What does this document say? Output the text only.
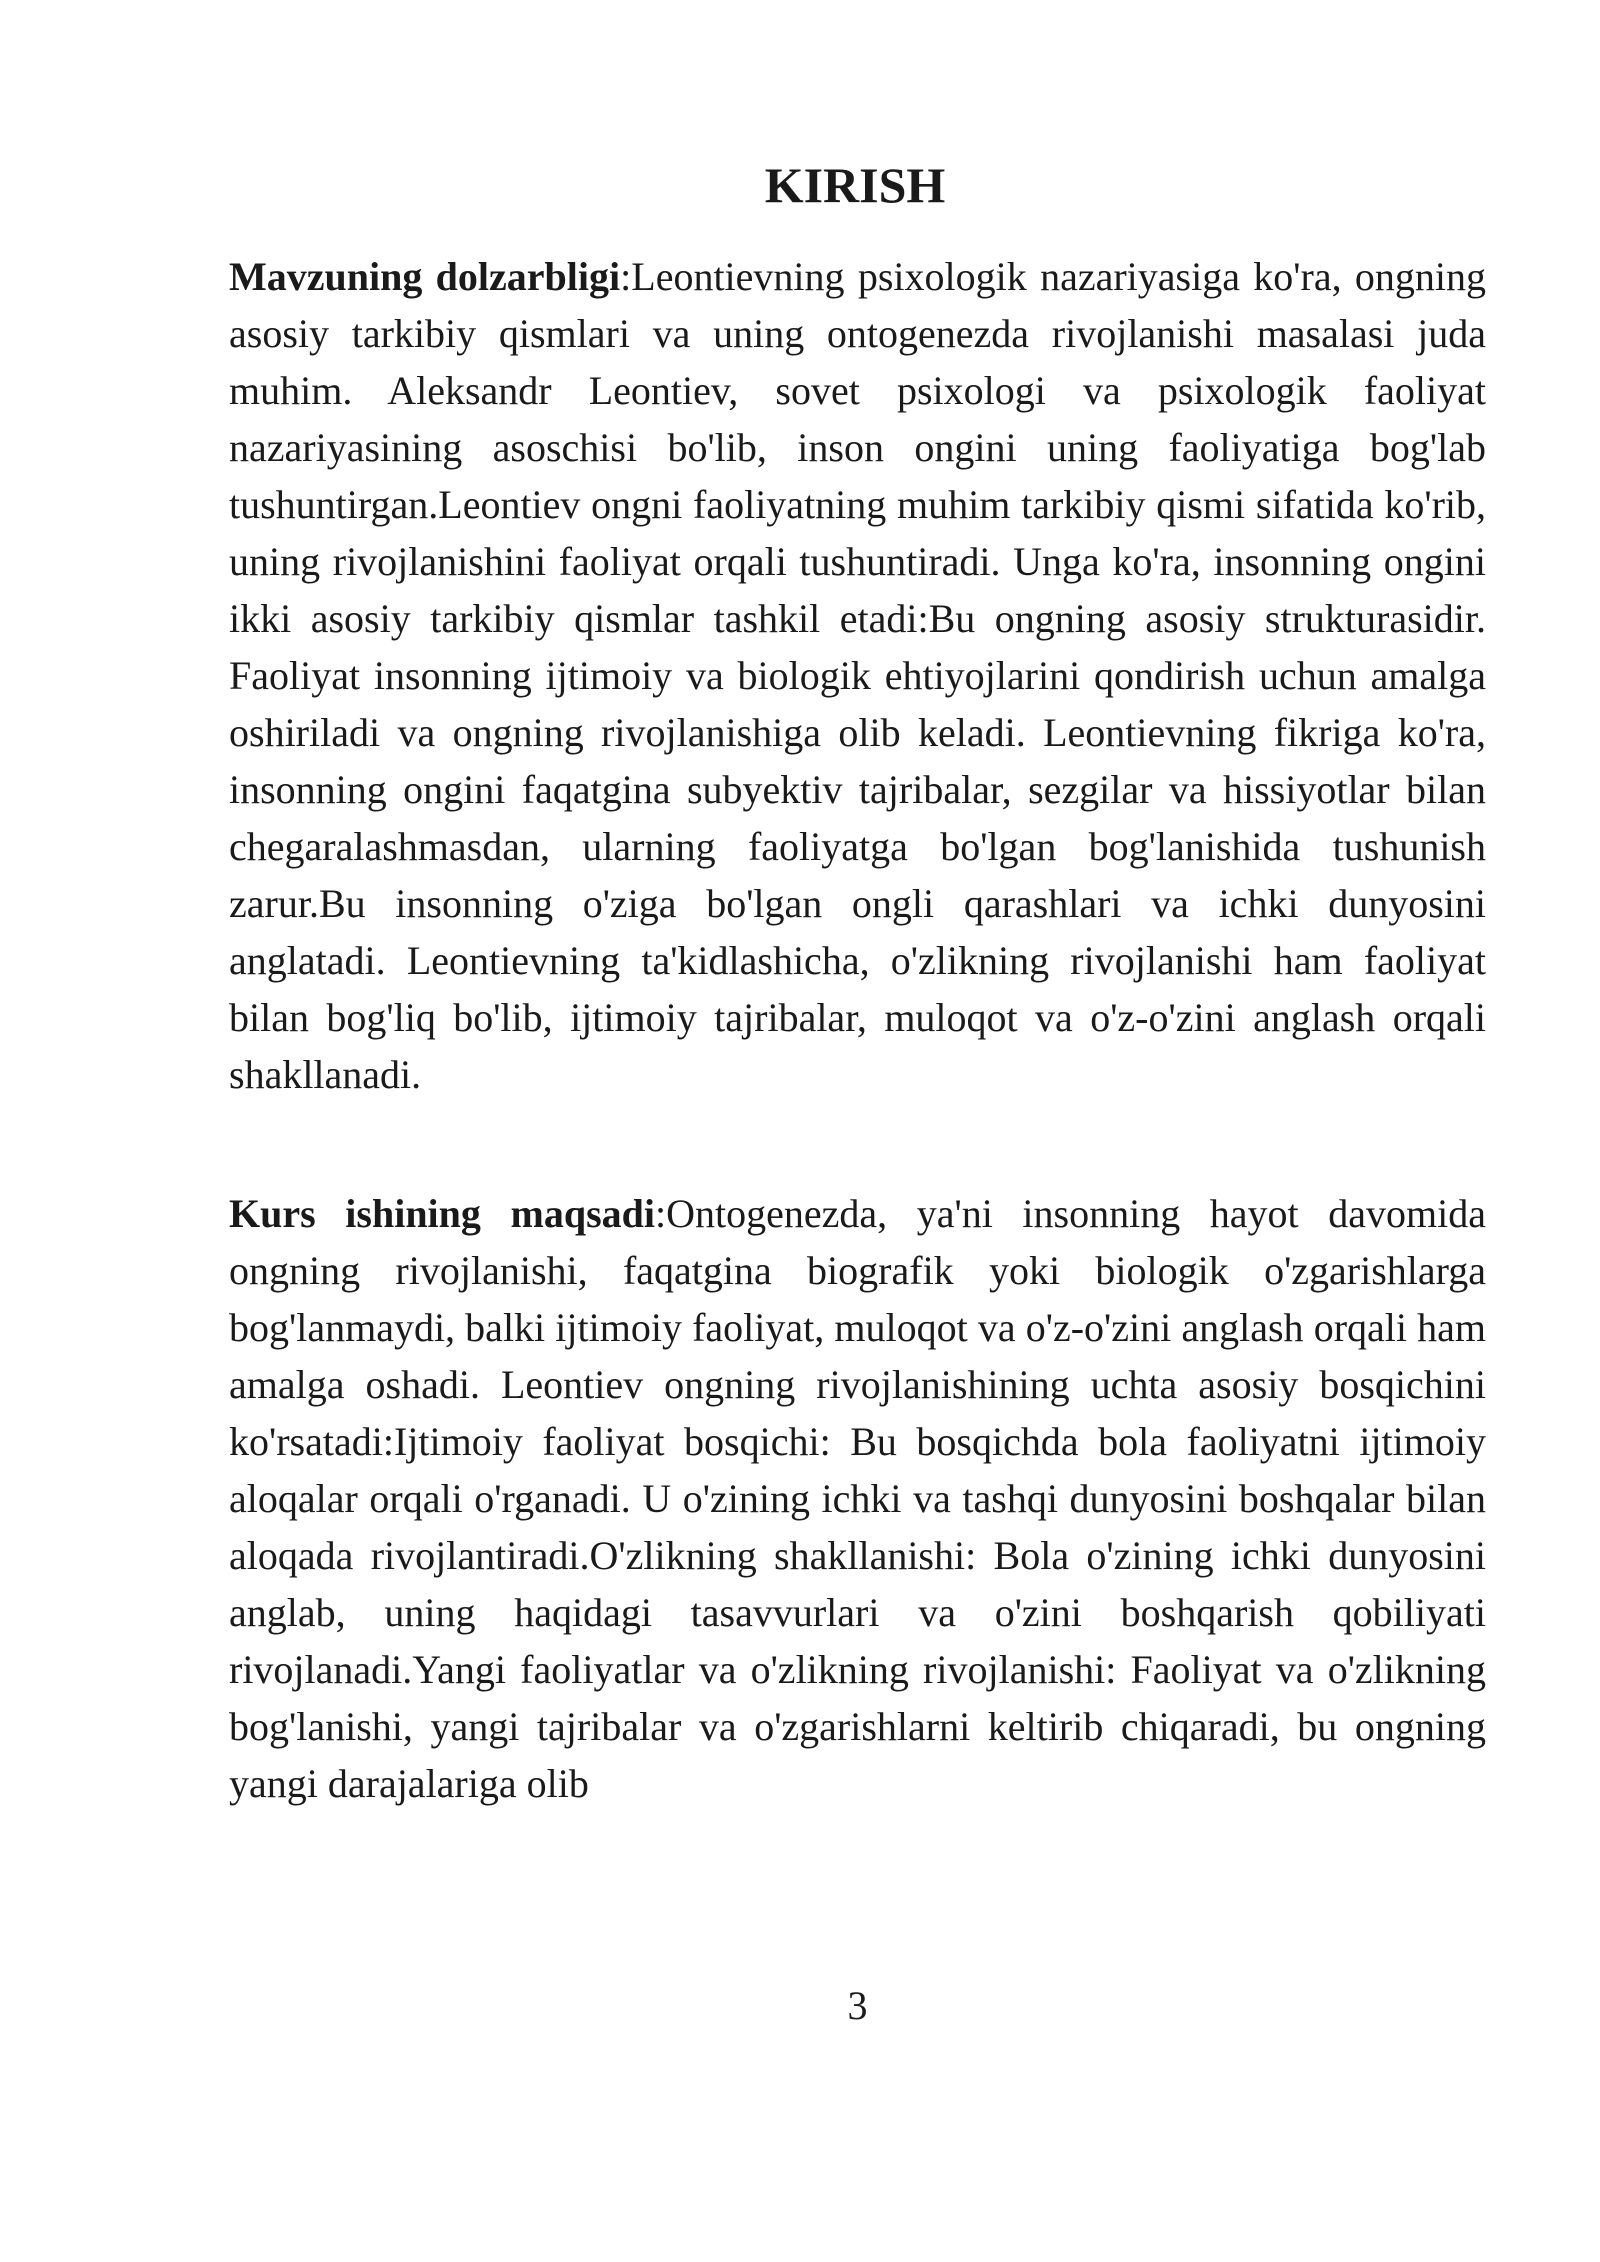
KIRISH

Mavzuning dolzarbligi:Leontievning psixologik nazariyasiga ko'ra, ongning asosiy tarkibiy qismlari va uning ontogenezda rivojlanishi masalasi juda muhim. Aleksandr Leontiev, sovet psixologi va psixologik faoliyat nazariyasining asoschisi bo'lib, inson ongini uning faoliyatiga bog'lab tushuntirgan.Leontiev ongni faoliyatning muhim tarkibiy qismi sifatida ko'rib, uning rivojlanishini faoliyat orqali tushuntiradi. Unga ko'ra, insonning ongini ikki asosiy tarkibiy qismlar tashkil etadi:Bu ongning asosiy strukturasidir. Faoliyat insonning ijtimoiy va biologik ehtiyojlarini qondirish uchun amalga oshiriladi va ongning rivojlanishiga olib keladi. Leontievning fikriga ko'ra, insonning ongini faqatgina subyektiv tajribalar, sezgilar va hissiyotlar bilan chegaralashmasdan, ularning faoliyatga bo'lgan bog'lanishida tushunish zarur.Bu insonning o'ziga bo'lgan ongli qarashlari va ichki dunyosini anglatadi. Leontievning ta'kidlashicha, o'zlikning rivojlanishi ham faoliyat bilan bog'liq bo'lib, ijtimoiy tajribalar, muloqot va o'z-o'zini anglash orqali shakllanadi.

Kurs ishining maqsadi:Ontogenezda, ya'ni insonning hayot davomida ongning rivojlanishi, faqatgina biografik yoki biologik o'zgarishlarga bog'lanmaydi, balki ijtimoiy faoliyat, muloqot va o'z-o'zini anglash orqali ham amalga oshadi. Leontiev ongning rivojlanishining uchta asosiy bosqichini ko'rsatadi:Ijtimoiy faoliyat bosqichi: Bu bosqichda bola faoliyatni ijtimoiy aloqalar orqali o'rganadi. U o'zining ichki va tashqi dunyosini boshqalar bilan aloqada rivojlantiradi.O'zlikning shakllanishi: Bola o'zining ichki dunyosini anglab, uning haqidagi tasavvurlari va o'zini boshqarish qobiliyati rivojlanadi.Yangi faoliyatlar va o'zlikning rivojlanishi: Faoliyat va o'zlikning bog'lanishi, yangi tajribalar va o'zgarishlarni keltirib chiqaradi, bu ongning yangi darajalariga olib

3
